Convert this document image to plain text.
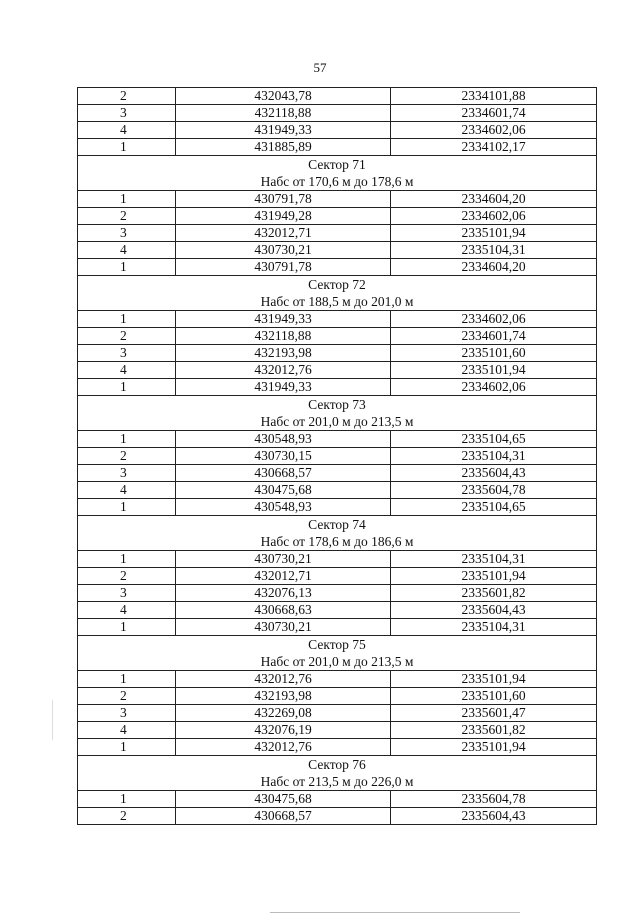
57
2	432043,78	2334101,88
3	432118,88	2334601,74
4	431949,33	2334602,06
1	431885,89	2334102,17

Сектор 71
Набс от 170,6 м до 178,6 м		

1	430791,78	2334604,20
2	431949,28	2334602,06
3	432012,71	2335101,94
4	430730,21	2335104,31
1	430791,78	2334604,20

Сектор 72
Набс от 188,5 м до 201,0 м		

1	431949,33	2334602,06
2	432118,88	2334601,74
3	432193,98	2335101,60
4	432012,76	2335101,94
1	431949,33	2334602,06

Сектор 73
Набс от 201,0 м до 213,5 м		

1	430548,93	2335104,65
2	430730,15	2335104,31
3	430668,57	2335604,43
4	430475,68	2335604,78
1	430548,93	2335104,65

Сектор 74
Набс от 178,6 м до 186,6 м		

1	430730,21	2335104,31
2	432012,71	2335101,94
3	432076,13	2335601,82
4	430668,63	2335604,43
1	430730,21	2335104,31

Сектор 75
Набс от 201,0 м до 213,5 м		

1	432012,76	2335101,94
2	432193,98	2335101,60
3	432269,08	2335601,47
4	432076,19	2335601,82
1	432012,76	2335101,94

Сектор 76
Набс от 213,5 м до 226,0 м		

1	430475,68	2335604,78
2	430668,57	2335604,43
